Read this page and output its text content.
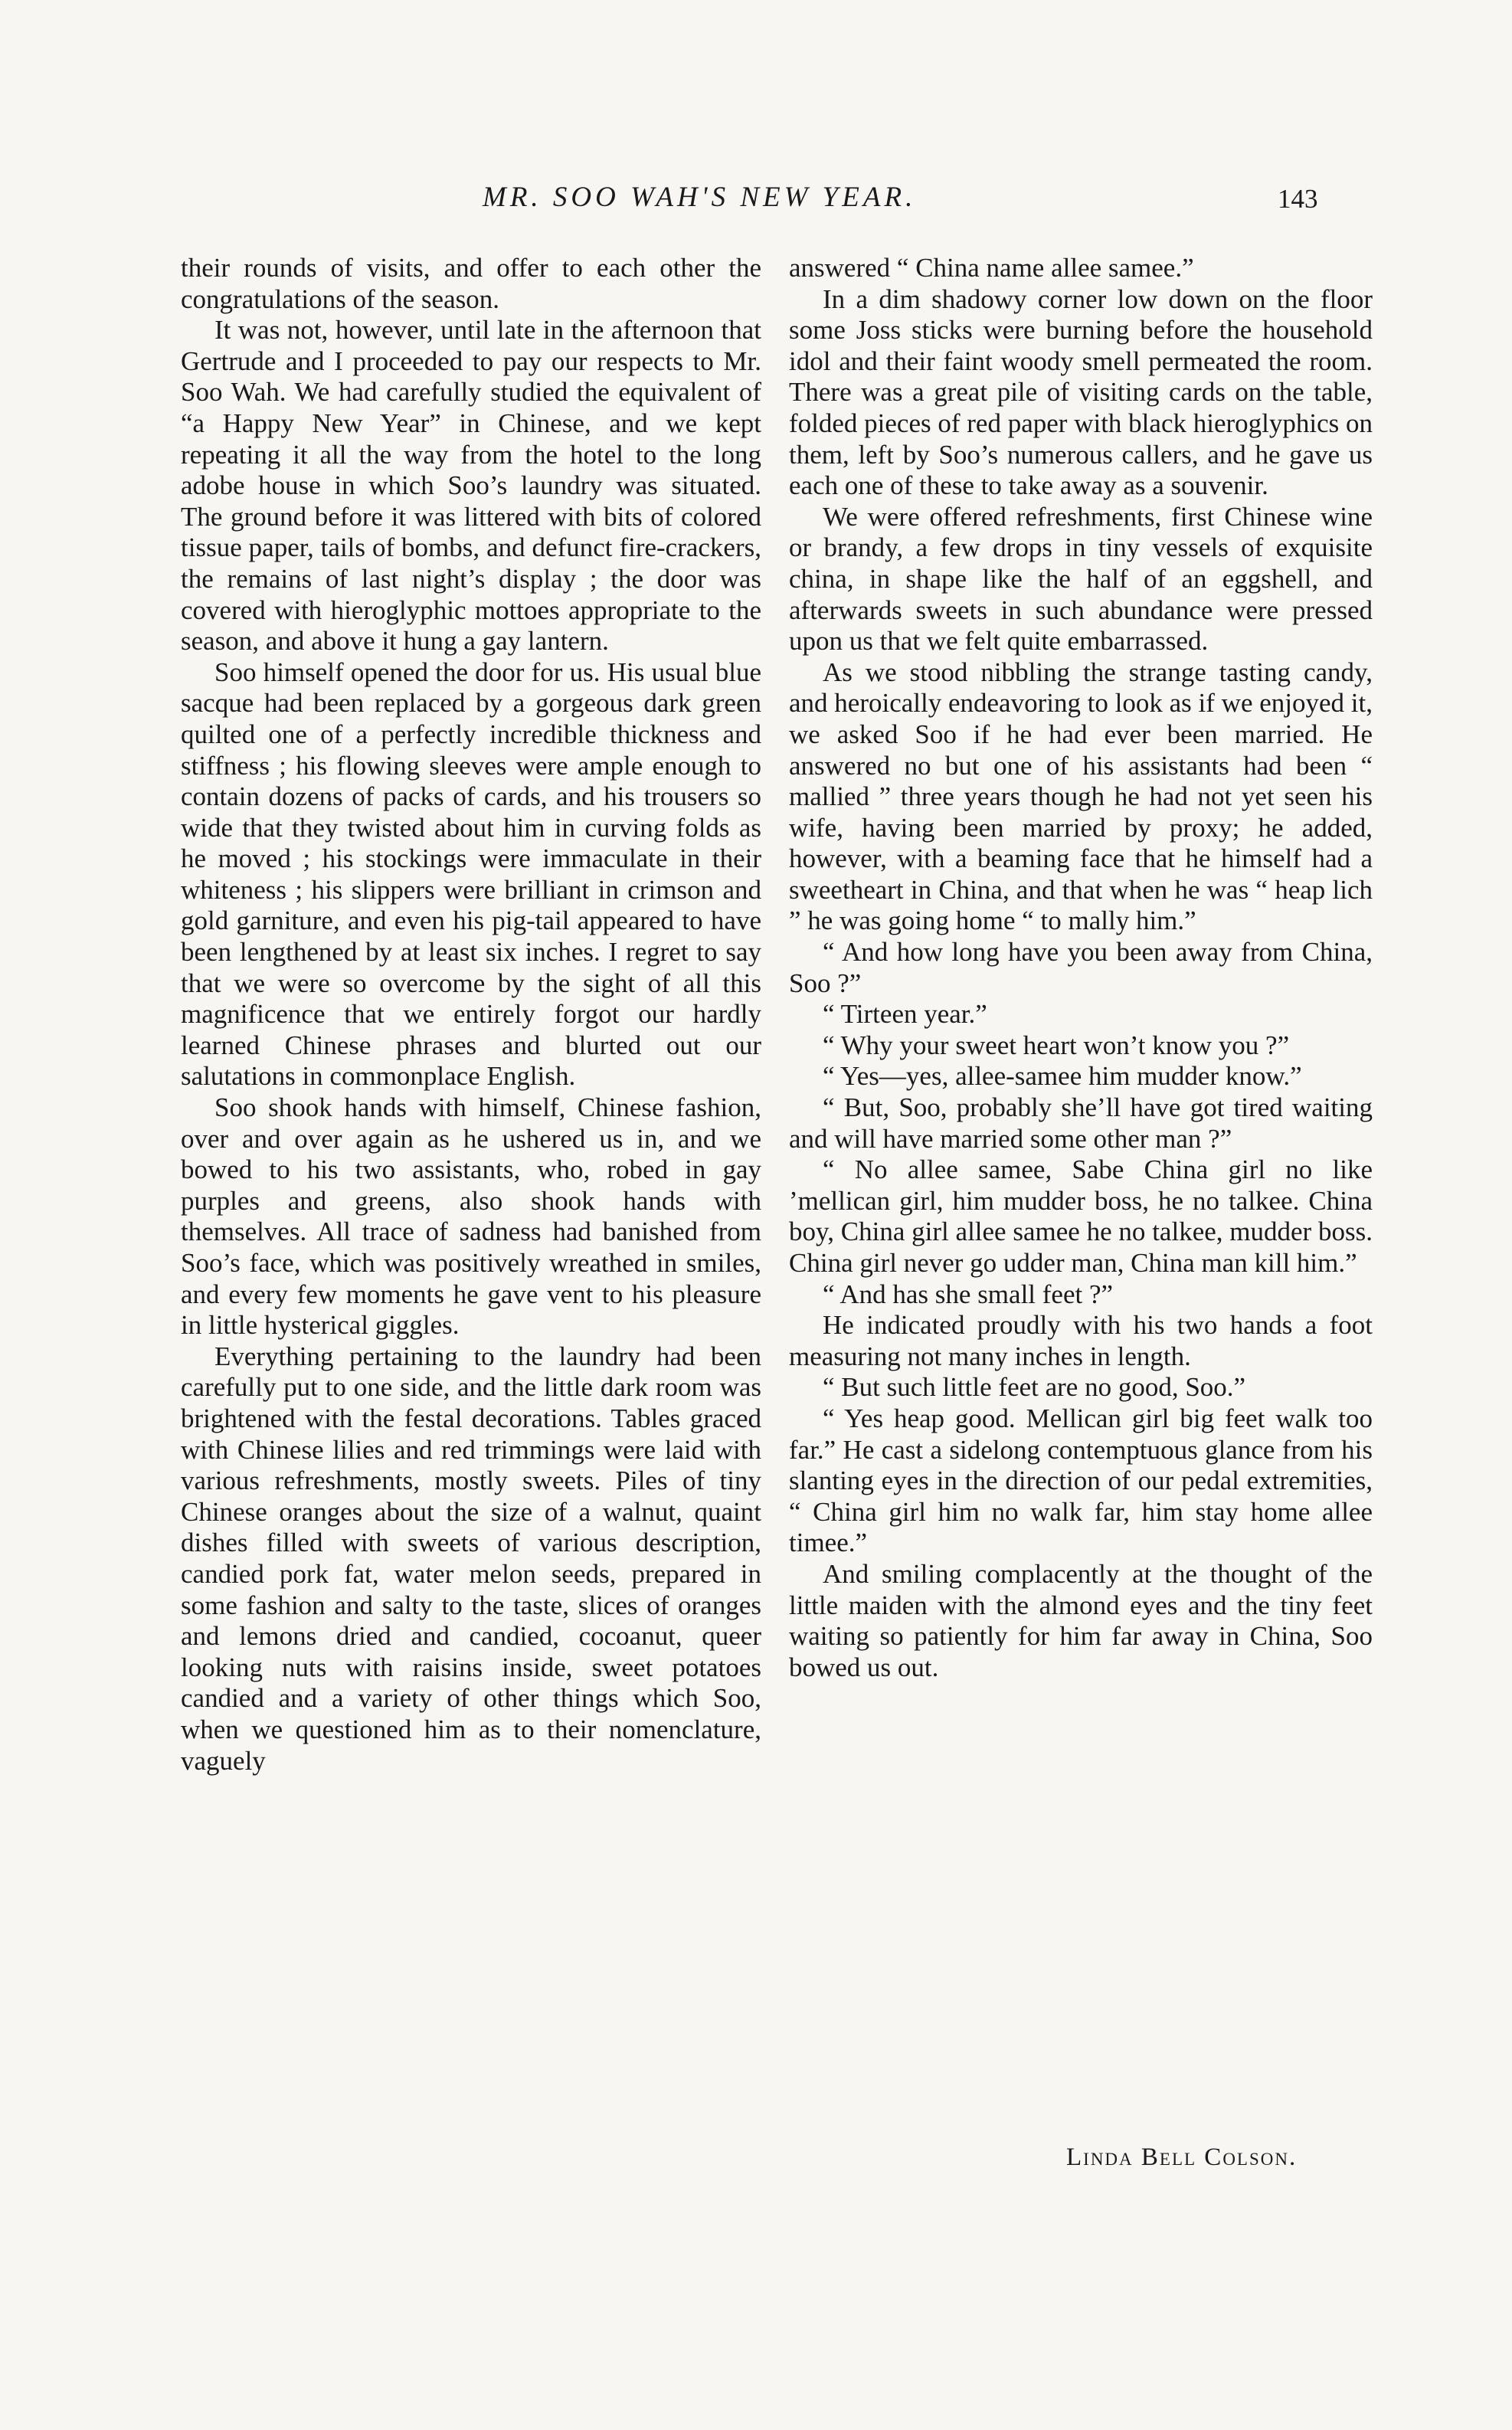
MR. SOO WAH'S NEW YEAR.	143

their rounds of visits, and offer to each other the congratulations of the season.

It was not, however, until late in the afternoon that Gertrude and I proceeded to pay our respects to Mr. Soo Wah. We had carefully studied the equivalent of “a Happy New Year” in Chinese, and we kept repeating it all the way from the hotel to the long adobe house in which Soo’s laundry was situated. The ground before it was littered with bits of colored tissue paper, tails of bombs, and defunct fire-crackers, the remains of last night’s display ; the door was covered with hieroglyphic mottoes appropriate to the season, and above it hung a gay lantern.

Soo himself opened the door for us. His usual blue sacque had been replaced by a gorgeous dark green quilted one of a perfectly incredible thickness and stiffness ; his flowing sleeves were ample enough to contain dozens of packs of cards, and his trousers so wide that they twisted about him in curving folds as he moved ; his stockings were immaculate in their whiteness ; his slippers were brilliant in crimson and gold garniture, and even his pig-tail appeared to have been lengthened by at least six inches. I regret to say that we were so overcome by the sight of all this magnificence that we entirely forgot our hardly learned Chinese phrases and blurted out our salutations in commonplace English.

Soo shook hands with himself, Chinese fashion, over and over again as he ushered us in, and we bowed to his two assistants, who, robed in gay purples and greens, also shook hands with themselves. All trace of sadness had banished from Soo’s face, which was positively wreathed in smiles, and every few moments he gave vent to his pleasure in little hysterical giggles.

Everything pertaining to the laundry had been carefully put to one side, and the little dark room was brightened with the festal decorations. Tables graced with Chinese lilies and red trimmings were laid with various refreshments, mostly sweets. Piles of tiny Chinese oranges about the size of a walnut, quaint dishes filled with sweets of various description, candied pork fat, water melon seeds, prepared in some fashion and salty to the taste, slices of oranges and lemons dried and candied, cocoanut, queer looking nuts with raisins inside, sweet potatoes candied and a variety of other things which Soo, when we questioned him as to their nomenclature, vaguely

answered “ China name allee samee.”

In a dim shadowy corner low down on the floor some Joss sticks were burning before the household idol and their faint woody smell permeated the room. There was a great pile of visiting cards on the table, folded pieces of red paper with black hieroglyphics on them, left by Soo’s numerous callers, and he gave us each one of these to take away as a souvenir.

We were offered refreshments, first Chinese wine or brandy, a few drops in tiny vessels of exquisite china, in shape like the half of an eggshell, and afterwards sweets in such abundance were pressed upon us that we felt quite embarrassed.

As we stood nibbling the strange tasting candy, and heroically endeavoring to look as if we enjoyed it, we asked Soo if he had ever been married. He answered no but one of his assistants had been “ mallied ” three years though he had not yet seen his wife, having been married by proxy; he added, however, with a beaming face that he himself had a sweetheart in China, and that when he was “ heap lich ” he was going home “ to mally him.”

“ And how long have you been away from China, Soo ?”

“ Tirteen year.”

“ Why your sweet heart won’t know you ?”

“ Yes—yes, allee-samee him mudder know.”

“ But, Soo, probably she’ll have got tired waiting and will have married some other man ?”

“ No allee samee, Sabe China girl no like ’mellican girl, him mudder boss, he no talkee. China boy, China girl allee samee he no talkee, mudder boss. China girl never go udder man, China man kill him.”

“ And has she small feet ?”

He indicated proudly with his two hands a foot measuring not many inches in length.

“ But such little feet are no good, Soo.”

“ Yes heap good. Mellican girl big feet walk too far.” He cast a sidelong contemptuous glance from his slanting eyes in the direction of our pedal extremities, “ China girl him no walk far, him stay home allee timee.”

And smiling complacently at the thought of the little maiden with the almond eyes and the tiny feet waiting so patiently for him far away in China, Soo bowed us out.

Linda Bell Colson.
